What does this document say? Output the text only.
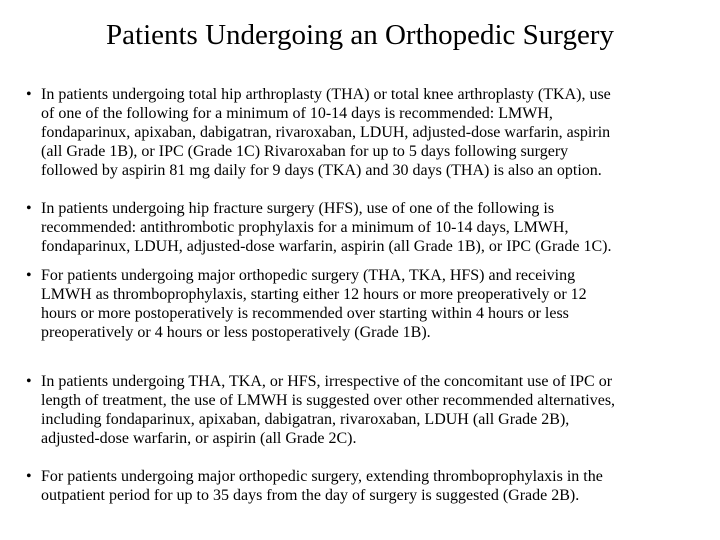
Patients Undergoing an Orthopedic Surgery
• In patients undergoing total hip arthroplasty (THA) or total knee arthroplasty (TKA), use
of one of the following for a minimum of 10-14 days is recommended: LMWH,
fondaparinux, apixaban, dabigatran, rivaroxaban, LDUH, adjusted-dose warfarin, aspirin
(all Grade 1B), or IPC (Grade 1C) Rivaroxaban for up to 5 days following surgery
followed by aspirin 81 mg daily for 9 days (TKA) and 30 days (THA) is also an option.
• In patients undergoing hip fracture surgery (HFS), use of one of the following is
recommended: antithrombotic prophylaxis for a minimum of 10-14 days, LMWH,
fondaparinux, LDUH, adjusted-dose warfarin, aspirin (all Grade 1B), or IPC (Grade 1C).
• For patients undergoing major orthopedic surgery (THA, TKA, HFS) and receiving
LMWH as thromboprophylaxis, starting either 12 hours or more preoperatively or 12
hours or more postoperatively is recommended over starting within 4 hours or less
preoperatively or 4 hours or less postoperatively (Grade 1B).
• In patients undergoing THA, TKA, or HFS, irrespective of the concomitant use of IPC or
length of treatment, the use of LMWH is suggested over other recommended alternatives,
including fondaparinux, apixaban, dabigatran, rivaroxaban, LDUH (all Grade 2B),
adjusted-dose warfarin, or aspirin (all Grade 2C).
• For patients undergoing major orthopedic surgery, extending thromboprophylaxis in the
outpatient period for up to 35 days from the day of surgery is suggested (Grade 2B).
